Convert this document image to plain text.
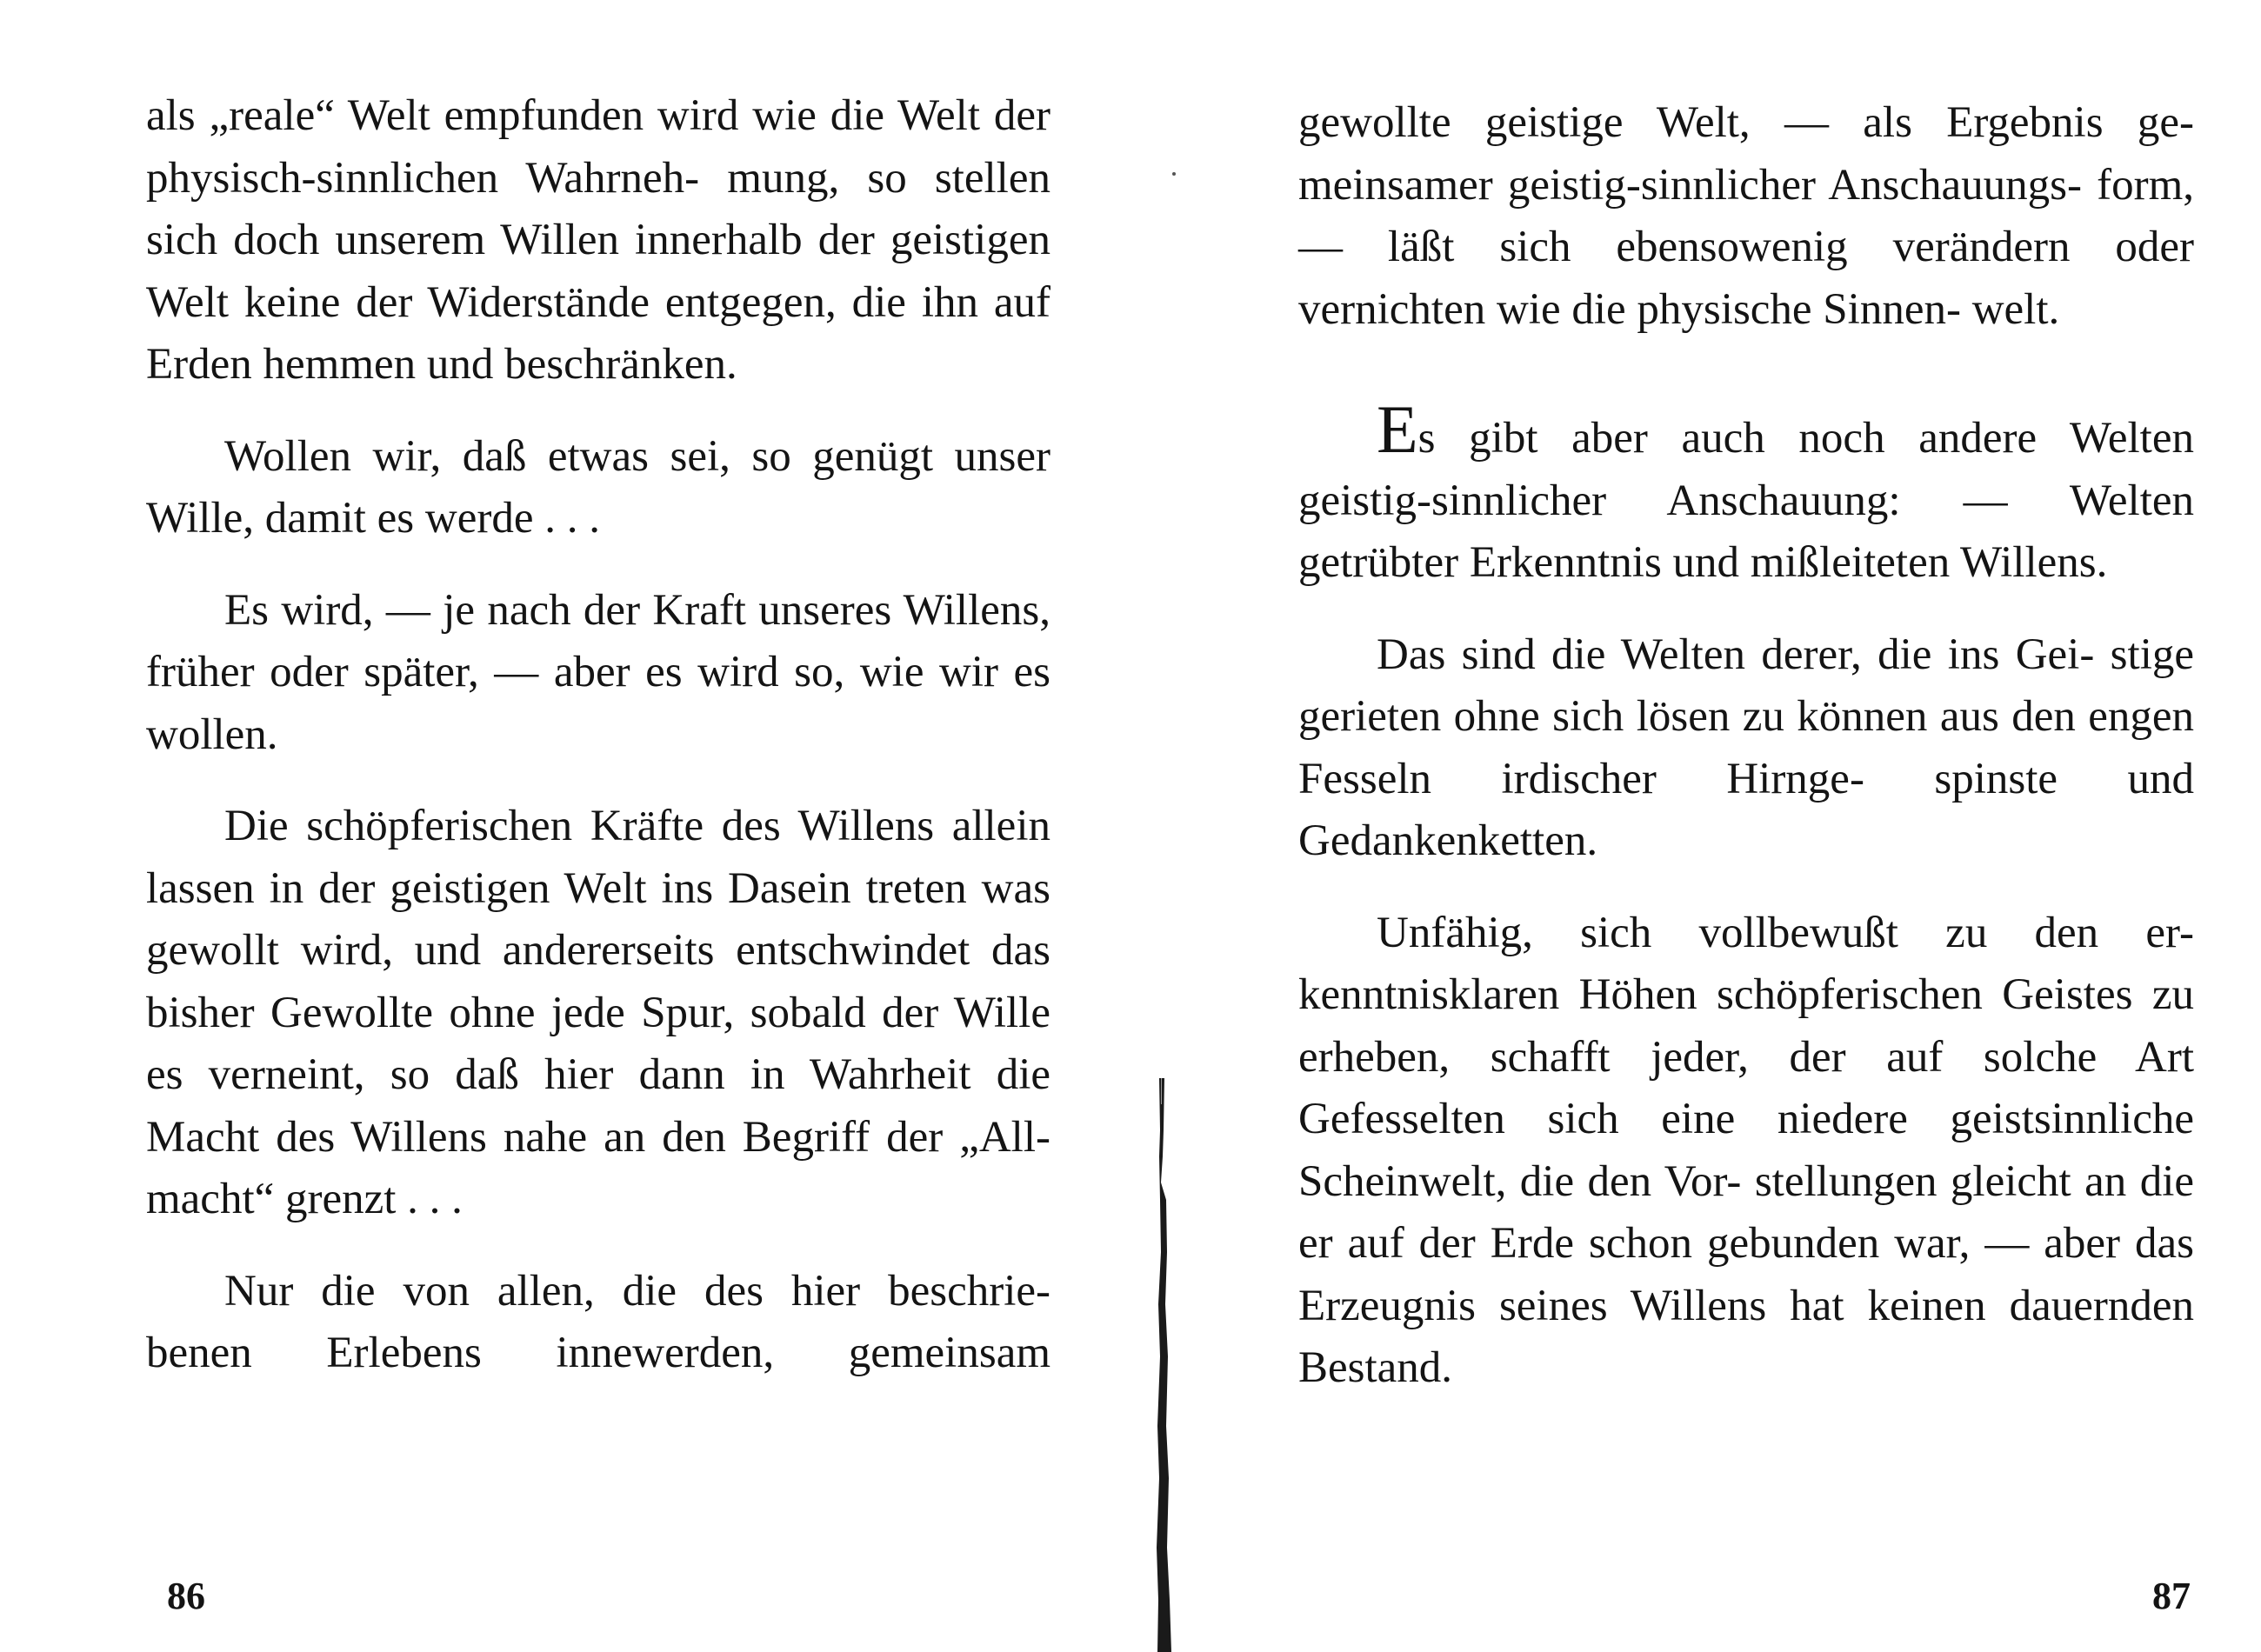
als „reale“ Welt empfunden wird wie die Welt der physisch-sinnlichen Wahrneh- mung, so stellen sich doch unserem Willen innerhalb der geistigen Welt keine der Widerstände entgegen, die ihn auf Erden hemmen und beschränken.

Wollen wir, daß etwas sei, so genügt unser Wille, damit es werde . . .

Es wird, — je nach der Kraft unseres Willens, früher oder später, — aber es wird so, wie wir es wollen.

Die schöpferischen Kräfte des Willens allein lassen in der geistigen Welt ins Dasein treten was gewollt wird, und andererseits entschwindet das bisher Gewollte ohne jede Spur, sobald der Wille es verneint, so daß hier dann in Wahrheit die Macht des Willens nahe an den Begriff der „All- macht“ grenzt . . .

Nur die von allen, die des hier beschrie- benen Erlebens innewerden, gemeinsam

86

gewollte geistige Welt, — als Ergebnis ge- meinsamer geistig-sinnlicher Anschauungs- form, — läßt sich ebensowenig verändern oder vernichten wie die physische Sinnen- welt.

Es gibt aber auch noch andere Welten geistig-sinnlicher Anschauung: — Welten getrübter Erkenntnis und mißleiteten Willens.

Das sind die Welten derer, die ins Gei- stige gerieten ohne sich lösen zu können aus den engen Fesseln irdischer Hirnge- spinste und Gedankenketten.

Unfähig, sich vollbewußt zu den er- kenntnisklaren Höhen schöpferischen Geistes zu erheben, schafft jeder, der auf solche Art Gefesselten sich eine niedere geistsinnliche Scheinwelt, die den Vor- stellungen gleicht an die er auf der Erde schon gebunden war, — aber das Erzeugnis seines Willens hat keinen dauernden Bestand.

87
